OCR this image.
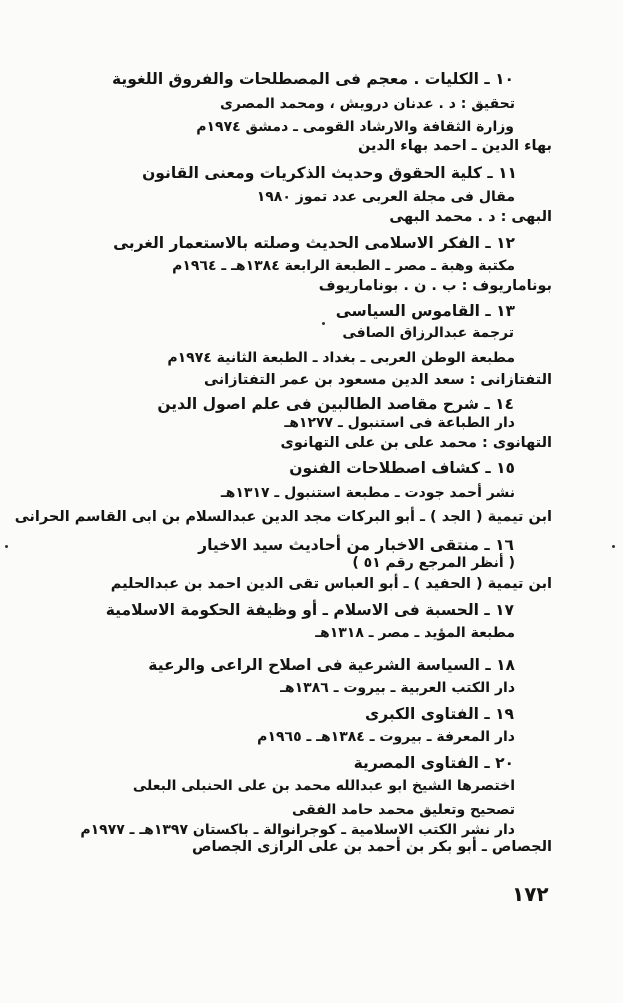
١٠ ـ الكليات . معجم فى المصطلحات والفروق اللغوية
تحقيق : د . عدنان درويش ، ومحمد المصرى
وزارة الثقافة والارشاد القومى ـ دمشق ١٩٧٤م
بهاء الدين ـ احمد بهاء الدين
١١ ـ كلية الحقوق وحديث الذكريات ومعنى القانون
مقال فى مجلة العربى عدد تموز ١٩٨٠
البهى : د . محمد البهى
١٢ ـ الفكر الاسلامى الحديث وصلته بالاستعمار الغربى
مكتبة وهبة ـ مصر ـ الطبعة الرابعة ١٣٨٤هـ ـ ١٩٦٤م
بوناماريوف : ب . ن . بوناماريوف
١٣ ـ القاموس السياسى
ترجمة عبدالرزاق الصافى
مطبعة الوطن العربى ـ بغداد ـ الطبعة الثانية ١٩٧٤م
التفتازانى : سعد الدين مسعود بن عمر التفتازانى
١٤ ـ شرح مقاصد الطالبين فى علم اصول الدين
دار الطباعة فى استنبول ـ ١٢٧٧هـ
التهانوى : محمد على بن على التهانوى
١٥ ـ كشاف اصطلاحات الفنون
نشر أحمد جودت ـ مطبعة استنبول ـ ١٣١٧هـ
ابن تيمية ( الجد ) ـ أبو البركات مجد الدين عبدالسلام بن ابى القاسم الحرانى
١٦ ـ منتقى الاخبار من أحاديث سيد الاخيار
( أنظر المرجع رقم ٥١ )
ابن تيمية ( الحفيد ) ـ أبو العباس تقى الدين احمد بن عبدالحليم
١٧ ـ الحسبة فى الاسلام ـ أو وظيفة الحكومة الاسلامية
مطبعة المؤيد ـ مصر ـ ١٣١٨هـ
١٨ ـ السياسة الشرعية فى اصلاح الراعى والرعية
دار الكتب العربية ـ بيروت ـ ١٣٨٦هـ
١٩ ـ الفتاوى الكبرى
دار المعرفة ـ بيروت ـ ١٣٨٤هـ ـ ١٩٦٥م
٢٠ ـ الفتاوى المصرية
اختصرها الشيخ ابو عبدالله محمد بن على الحنبلى البعلى
تصحيح وتعليق محمد حامد الفقى
دار نشر الكتب الاسلامية ـ كوجرانوالة ـ باكستان ١٣٩٧هـ ـ ١٩٧٧م
الجصاص ـ أبو بكر بن أحمد بن على الرازى الجصاص
١٧٢
